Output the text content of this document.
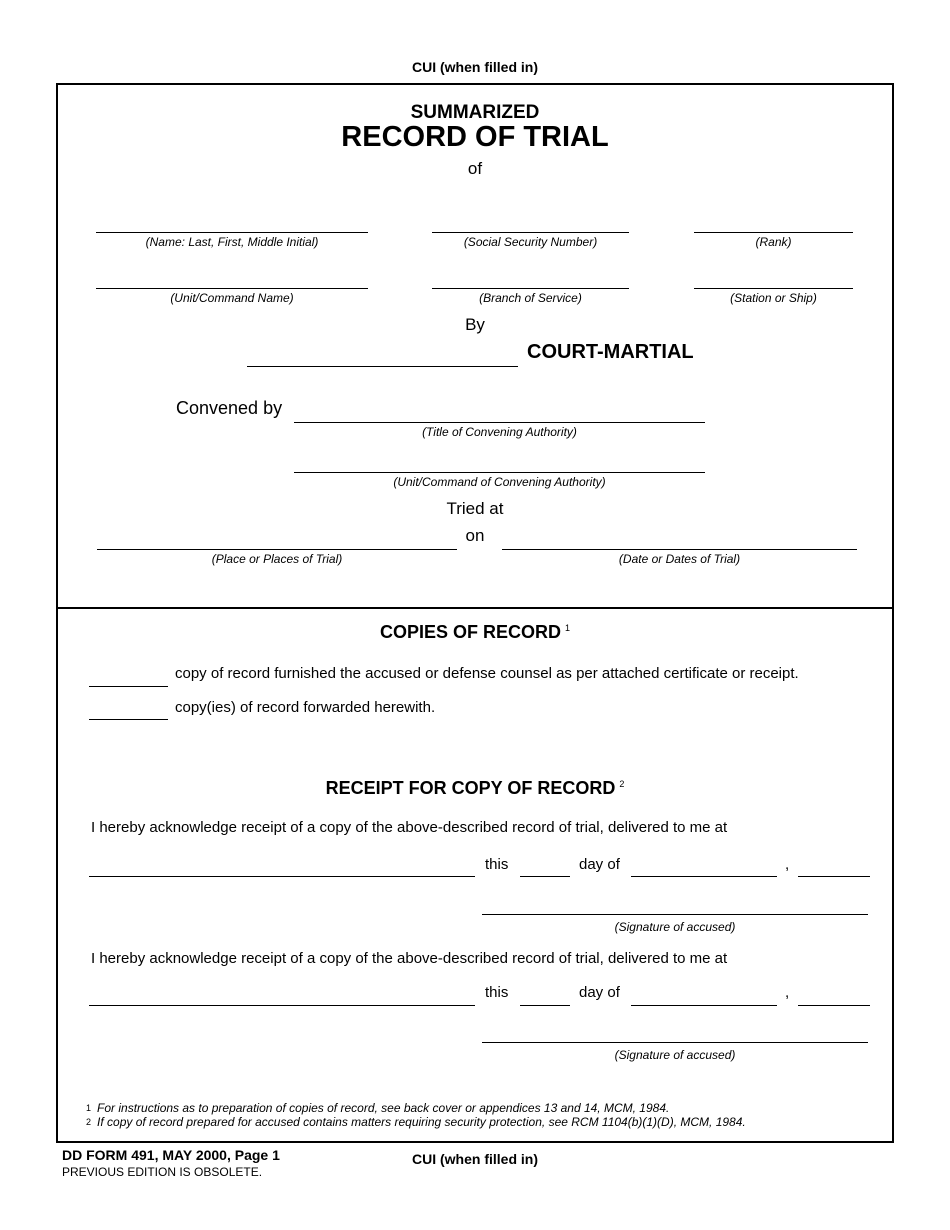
CUI (when filled in)
SUMMARIZED
RECORD OF TRIAL
of
(Name: Last, First, Middle Initial)	(Social Security Number)	(Rank)
(Unit/Command Name)	(Branch of Service)	(Station or Ship)
By
COURT-MARTIAL
Convened by
(Title of Convening Authority)
(Unit/Command of Convening Authority)
Tried at
on
(Place or Places of Trial)	(Date or Dates of Trial)
COPIES OF RECORD $^1$
copy of record furnished the accused or defense counsel as per attached certificate or receipt.
copy(ies) of record forwarded herewith.
RECEIPT FOR COPY OF RECORD $^2$
I hereby acknowledge receipt of a copy of the above-described record of trial, delivered to me at
this	day of	,
(Signature of accused)
I hereby acknowledge receipt of a copy of the above-described record of trial, delivered to me at
this	day of	,
(Signature of accused)
1 For instructions as to preparation of copies of record, see back cover or appendices 13 and 14, MCM, 1984.
2 If copy of record prepared for accused contains matters requiring security protection, see RCM 1104(b)(1)(D), MCM, 1984.
DD FORM 491, MAY 2000, Page 1
PREVIOUS EDITION IS OBSOLETE.
CUI (when filled in)
